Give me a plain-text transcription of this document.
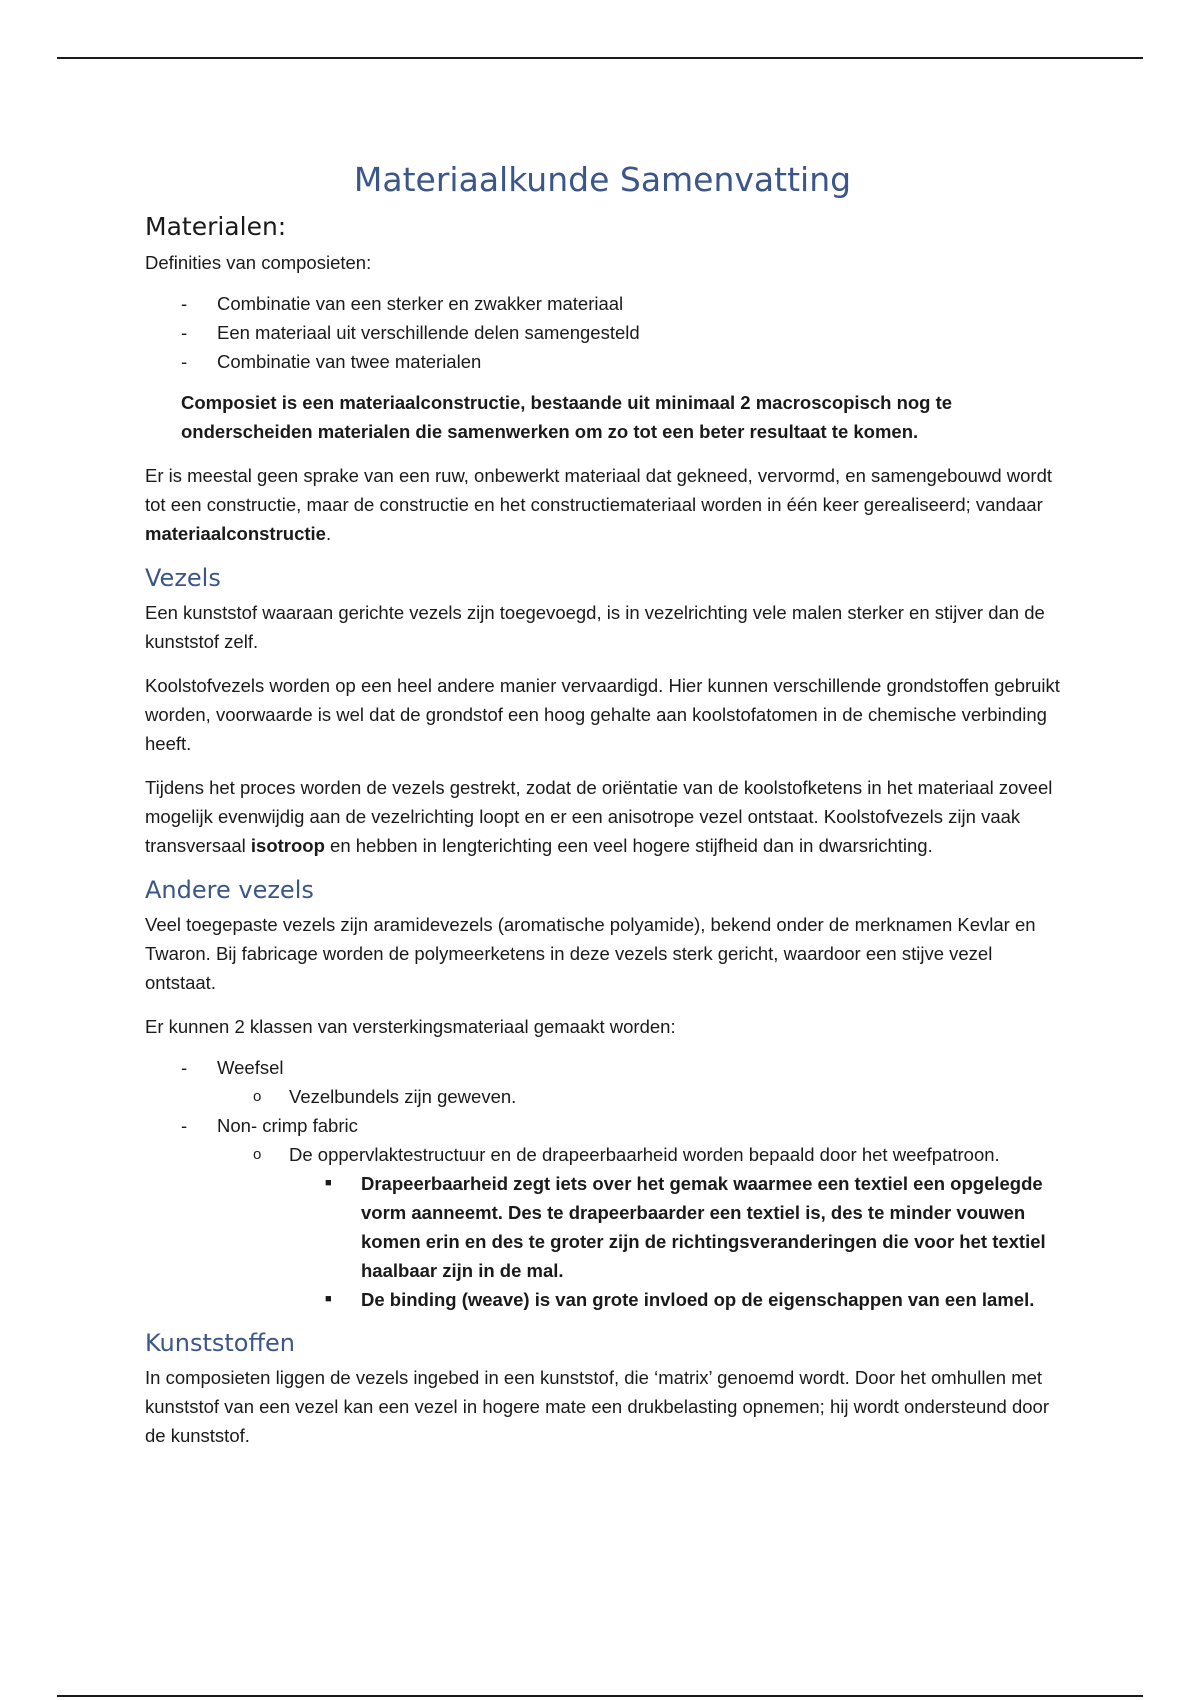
Materiaalkunde Samenvatting
Materialen:

Definities van composieten:

- Combinatie van een sterker en zwakker materiaal
- Een materiaal uit verschillende delen samengesteld
- Combinatie van twee materialen

Composiet is een materiaalconstructie, bestaande uit minimaal 2 macroscopisch nog te onderscheiden materialen die samenwerken om zo tot een beter resultaat te komen.

Er is meestal geen sprake van een ruw, onbewerkt materiaal dat gekneed, vervormd, en samengebouwd wordt tot een constructie, maar de constructie en het constructiemateriaal worden in één keer gerealiseerd; vandaar materiaalconstructie.

Vezels

Een kunststof waaraan gerichte vezels zijn toegevoegd, is in vezelrichting vele malen sterker en stijver dan de kunststof zelf.

Koolstofvezels worden op een heel andere manier vervaardigd. Hier kunnen verschillende grondstoffen gebruikt worden, voorwaarde is wel dat de grondstof een hoog gehalte aan koolstofatomen in de chemische verbinding heeft.

Tijdens het proces worden de vezels gestrekt, zodat de oriëntatie van de koolstofketens in het materiaal zoveel mogelijk evenwijdig aan de vezelrichting loopt en er een anisotrope vezel ontstaat. Koolstofvezels zijn vaak transversaal isotroop en hebben in lengterichting een veel hogere stijfheid dan in dwarsrichting.

Andere vezels

Veel toegepaste vezels zijn aramidevezels (aromatische polyamide), bekend onder de merknamen Kevlar en Twaron. Bij fabricage worden de polymeerketens in deze vezels sterk gericht, waardoor een stijve vezel ontstaat.

Er kunnen 2 klassen van versterkingsmateriaal gemaakt worden:

- Weefsel
o Vezelbundels zijn geweven.
- Non- crimp fabric
o De oppervlaktestructuur en de drapeerbaarheid worden bepaald door het weefpatroon.
■ Drapeerbaarheid zegt iets over het gemak waarmee een textiel een opgelegde vorm aanneemt. Des te drapeerbaarder een textiel is, des te minder vouwen komen erin en des te groter zijn de richtingsveranderingen die voor het textiel haalbaar zijn in de mal.
■ De binding (weave) is van grote invloed op de eigenschappen van een lamel.
Kunststoffen

In composieten liggen de vezels ingebed in een kunststof, die ‘matrix’ genoemd wordt. Door het omhullen met kunststof van een vezel kan een vezel in hogere mate een drukbelasting opnemen; hij wordt ondersteund door de kunststof.
